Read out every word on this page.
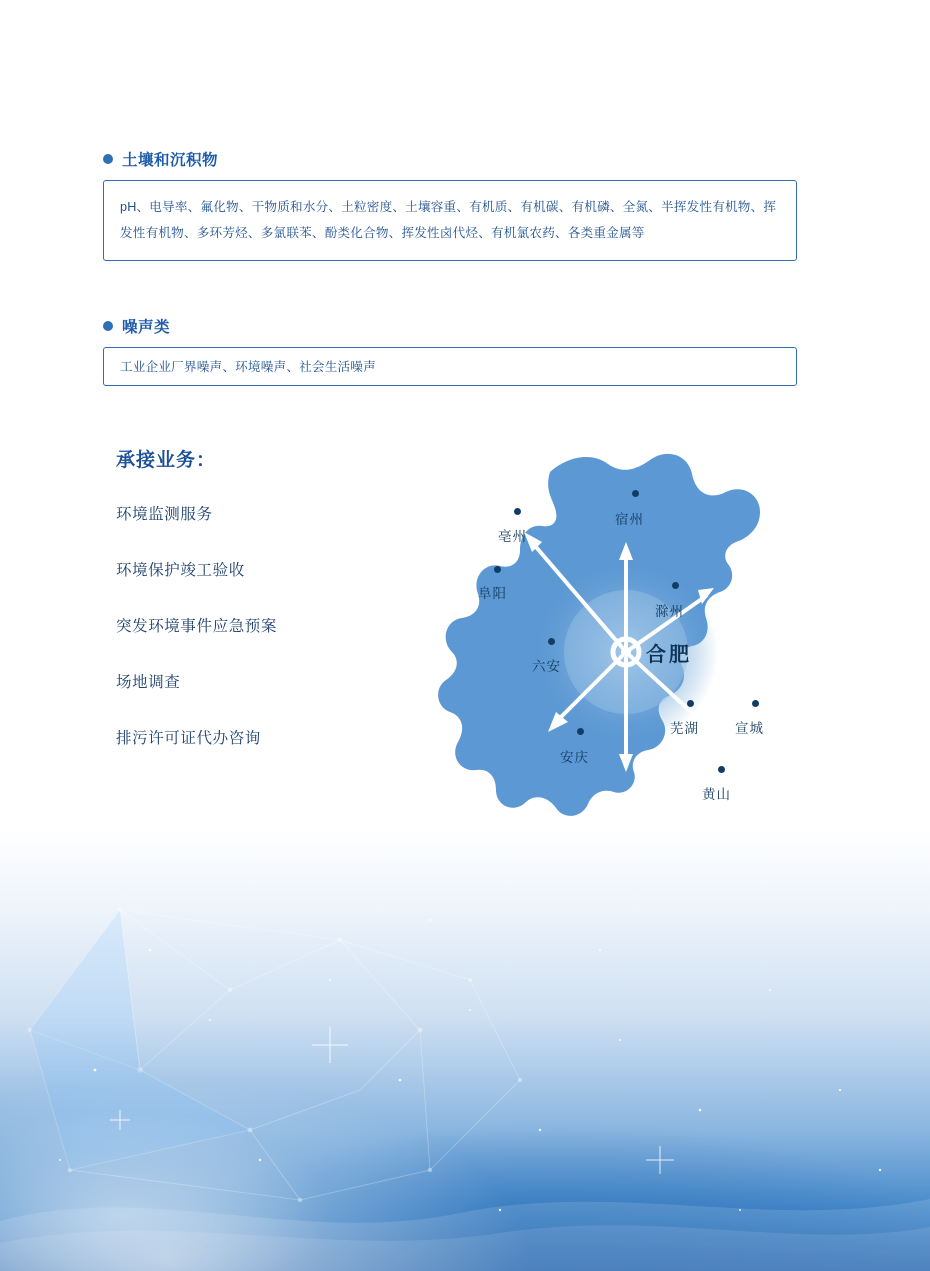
土壤和沉积物
pH、电导率、氟化物、干物质和水分、土粒密度、土壤容重、有机质、有机碳、有机磷、全氮、半挥发性有机物、挥发性有机物、多环芳烃、多氯联苯、酚类化合物、挥发性卤代烃、有机氯农药、各类重金属等
噪声类
工业企业厂界噪声、环境噪声、社会生活噪声
承接业务：
环境监测服务
环境保护竣工验收
突发环境事件应急预案
场地调查
排污许可证代办咨询
合肥
宿州
亳州
阜阳
滁州
六安
芜湖	宣城
安庆
黄山
